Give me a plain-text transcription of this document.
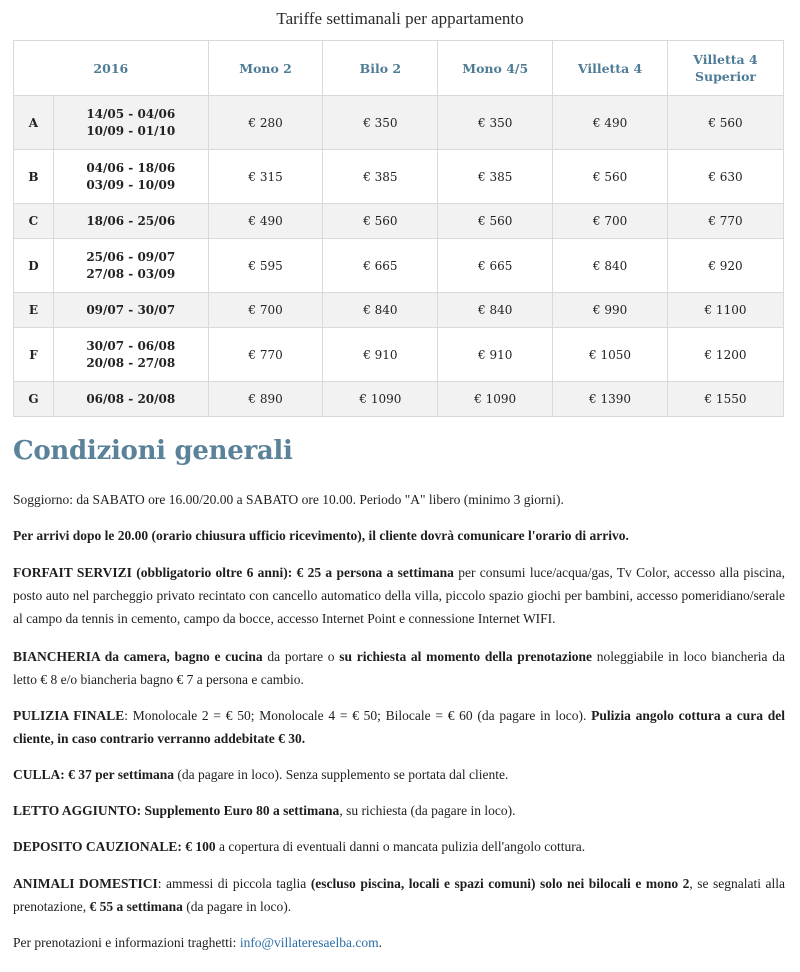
Tariffe settimanali per appartamento
2016		Mono 2	Bilo 2	Mono 4/5	Villetta 4	Villetta 4 Superior
A	14/05 - 04/06
10/09 - 01/10	€ 280	€ 350	€ 350	€ 490	€ 560
B	04/06 - 18/06
03/09 - 10/09	€ 315	€ 385	€ 385	€ 560	€ 630
C	18/06 - 25/06	€ 490	€ 560	€ 560	€ 700	€ 770
D	25/06 - 09/07
27/08 - 03/09	€ 595	€ 665	€ 665	€ 840	€ 920
E	09/07 - 30/07	€ 700	€ 840	€ 840	€ 990	€ 1100
F	30/07 - 06/08
20/08 - 27/08	€ 770	€ 910	€ 910	€ 1050	€ 1200
G	06/08 - 20/08	€ 890	€ 1090	€ 1090	€ 1390	€ 1550
Condizioni generali
Soggiorno: da SABATO ore 16.00/20.00 a SABATO ore 10.00. Periodo "A" libero (minimo 3 giorni).
Per arrivi dopo le 20.00 (orario chiusura ufficio ricevimento), il cliente dovrà comunicare l'orario di arrivo.
FORFAIT SERVIZI (obbligatorio oltre 6 anni): € 25 a persona a settimana per consumi luce/acqua/gas, Tv Color, accesso alla piscina, posto auto nel parcheggio privato recintato con cancello automatico della villa, piccolo spazio giochi per bambini, accesso pomeridiano/serale al campo da tennis in cemento, campo da bocce, accesso Internet Point e connessione Internet WIFI.
BIANCHERIA da camera, bagno e cucina da portare o su richiesta al momento della prenotazione noleggiabile in loco biancheria da letto € 8 e/o biancheria bagno € 7 a persona e cambio.
PULIZIA FINALE: Monolocale 2 = € 50; Monolocale 4 = € 50; Bilocale = € 60 (da pagare in loco). Pulizia angolo cottura a cura del cliente, in caso contrario verranno addebitate € 30.
CULLA: € 37 per settimana (da pagare in loco). Senza supplemento se portata dal cliente.
LETTO AGGIUNTO: Supplemento Euro 80 a settimana, su richiesta (da pagare in loco).
DEPOSITO CAUZIONALE: € 100 a copertura di eventuali danni o mancata pulizia dell'angolo cottura.
ANIMALI DOMESTICI: ammessi di piccola taglia (escluso piscina, locali e spazi comuni) solo nei bilocali e mono 2, se segnalati alla prenotazione, € 55 a settimana (da pagare in loco).
Per prenotazioni e informazioni traghetti: info@villateresaelba.com.
